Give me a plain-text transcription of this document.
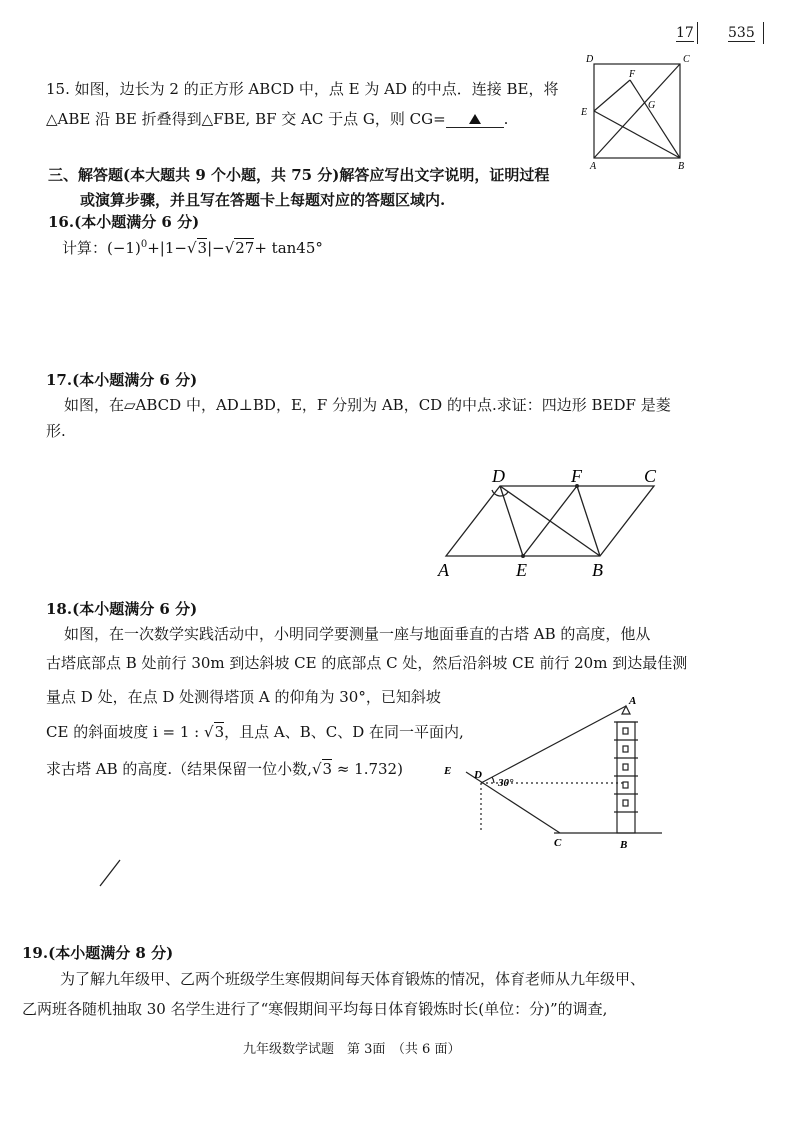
17 535
15. 如图，边长为 2 的正方形 ABCD 中，点 E 为 AD 的中点．连接 BE，将
△ABE 沿 BE 折叠得到△FBE, BF 交 AC 于点 G，则 CG=	.
D	C
E
F
G
A	B
三、解答题(本大题共 9 个小题，共 75 分)解答应写出文字说明，证明过程
或演算步骤，并且写在答题卡上每题对应的答题区域内.
16.(本小题满分 6 分)
计算：$(-1)^0+|1-√3|-√27+ \tan 45^\circ$
17.(本小题满分 6 分)
如图，在▱ABCD 中，AD⊥BD，E，F 分别为 AB，CD 的中点.求证：四边形 BEDF 是菱
形.
D	F	C
A	E	B
18.(本小题满分 6 分)
如图，在一次数学实践活动中，小明同学要测量一座与地面垂直的古塔 AB 的高度，他从
古塔底部点 B 处前行 30m 到达斜坡 CE 的底部点 C 处，然后沿斜坡 CE 前行 20m 到达最佳测
量点 D 处，在点 D 处测得塔顶 A 的仰角为 30°，已知斜坡
CE 的斜面坡度 i = 1 : √3，且点 A、B、C、D 在同一平面内,
求古塔 AB 的高度.（结果保留一位小数,√3 ≈ 1.732)
A
E D
30°
C	B
19.(本小题满分 8 分)
为了解九年级甲、乙两个班级学生寒假期间每天体育锻炼的情况，体育老师从九年级甲、
乙两班各随机抽取 30 名学生进行了“寒假期间平均每日体育锻炼时长(单位：分)”的调查,
九年级数学试题　第 3面　（共 6 面）
